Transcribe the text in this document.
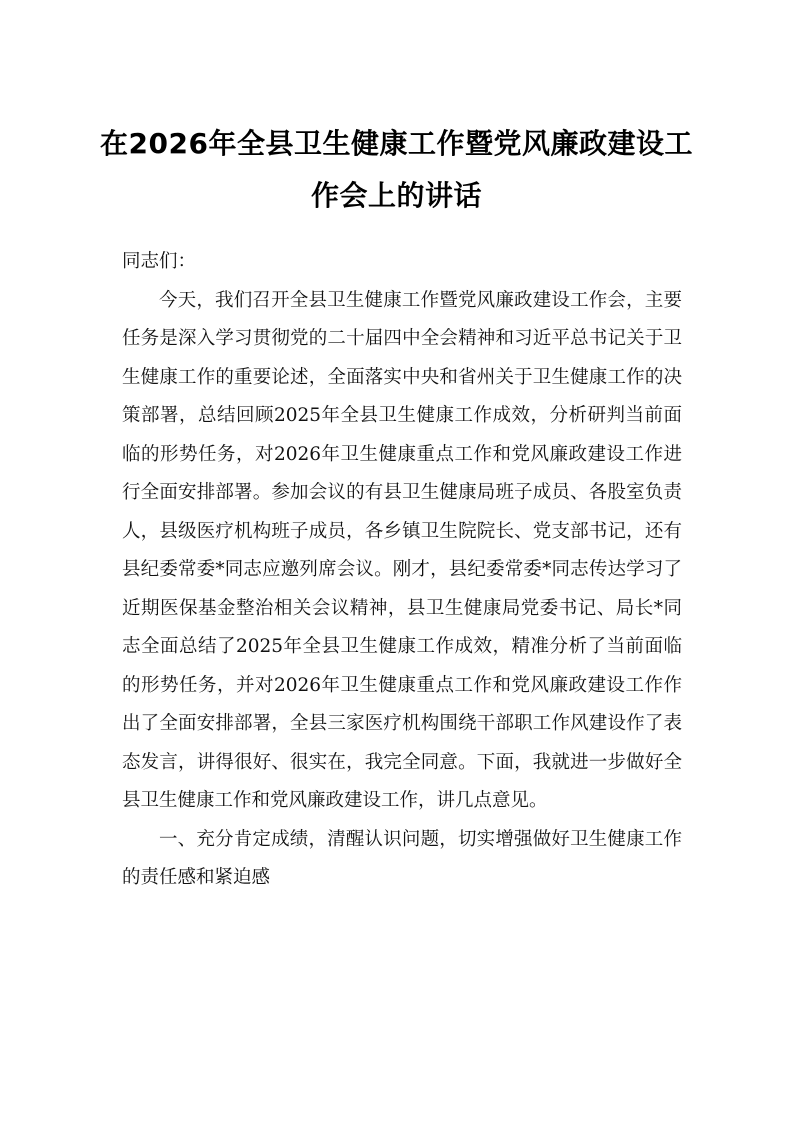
在2026年全县卫生健康工作暨党风廉政建设工作会上的讲话

同志们：

今天，我们召开全县卫生健康工作暨党风廉政建设工作会，主要任务是深入学习贯彻党的二十届四中全会精神和习近平总书记关于卫生健康工作的重要论述，全面落实中央和省州关于卫生健康工作的决策部署，总结回顾2025年全县卫生健康工作成效，分析研判当前面临的形势任务，对2026年卫生健康重点工作和党风廉政建设工作进行全面安排部署。参加会议的有县卫生健康局班子成员、各股室负责人，县级医疗机构班子成员，各乡镇卫生院院长、党支部书记，还有县纪委常委*同志应邀列席会议。刚才，县纪委常委*同志传达学习了近期医保基金整治相关会议精神，县卫生健康局党委书记、局长*同志全面总结了2025年全县卫生健康工作成效，精准分析了当前面临的形势任务，并对2026年卫生健康重点工作和党风廉政建设工作作出了全面安排部署，全县三家医疗机构围绕干部职工作风建设作了表态发言，讲得很好、很实在，我完全同意。下面，我就进一步做好全县卫生健康工作和党风廉政建设工作，讲几点意见。

一、充分肯定成绩，清醒认识问题，切实增强做好卫生健康工作的责任感和紧迫感
